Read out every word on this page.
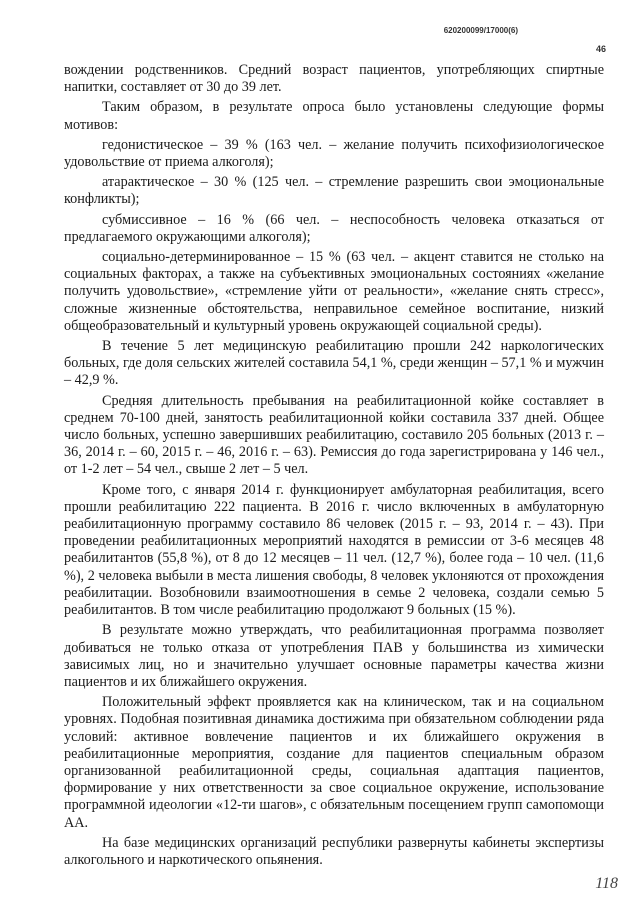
620200099/17000(6)
46

вождении родственников. Средний возраст пациентов, употребляющих спиртные напитки, составляет от 30 до 39 лет.

Таким образом, в результате опроса было установлены следующие формы мотивов:

гедонистическое – 39 % (163 чел. – желание получить психофизиологическое удовольствие от приема алкоголя);

атарактическое – 30 % (125 чел. – стремление разрешить свои эмоциональные конфликты);

субмиссивное – 16 % (66 чел. – неспособность человека отказаться от предлагаемого окружающими алкоголя);

социально-детерминированное – 15 % (63 чел. – акцент ставится не столько на социальных факторах, а также на субъективных эмоциональных состояниях «желание получить удовольствие», «стремление уйти от реальности», «желание снять стресс», сложные жизненные обстоятельства, неправильное семейное воспитание, низкий общеобразовательный и культурный уровень окружающей социальной среды).

В течение 5 лет медицинскую реабилитацию прошли 242 наркологических больных, где доля сельских жителей составила 54,1 %, среди женщин – 57,1 % и мужчин – 42,9 %.

Средняя длительность пребывания на реабилитационной койке составляет в среднем 70-100 дней, занятость реабилитационной койки составила 337 дней. Общее число больных, успешно завершивших реабилитацию, составило 205 больных (2013 г. – 36, 2014 г. – 60, 2015 г. – 46, 2016 г. – 63). Ремиссия до года зарегистрирована у 146 чел., от 1-2 лет – 54 чел., свыше 2 лет – 5 чел.

Кроме того, с января 2014 г. функционирует амбулаторная реабилитация, всего прошли реабилитацию 222 пациента. В 2016 г. число включенных в амбулаторную реабилитационную программу составило 86 человек (2015 г. – 93, 2014 г. – 43). При проведении реабилитационных мероприятий находятся в ремиссии от 3-6 месяцев 48 реабилитантов (55,8 %), от 8 до 12 месяцев – 11 чел. (12,7 %), более года – 10 чел. (11,6 %), 2 человека выбыли в места лишения свободы, 8 человек уклоняются от прохождения реабилитации. Возобновили взаимоотношения в семье 2 человека, создали семью 5 реабилитантов. В том числе реабилитацию продолжают 9 больных (15 %).

В результате можно утверждать, что реабилитационная программа позволяет добиваться не только отказа от употребления ПАВ у большинства из химически зависимых лиц, но и значительно улучшает основные параметры качества жизни пациентов и их ближайшего окружения.

Положительный эффект проявляется как на клиническом, так и на социальном уровнях. Подобная позитивная динамика достижима при обязательном соблюдении ряда условий: активное вовлечение пациентов и их ближайшего окружения в реабилитационные мероприятия, создание для пациентов специальным образом организованной реабилитационной среды, социальная адаптация пациентов, формирование у них ответственности за свое социальное окружение, использование программной идеологии «12-ти шагов», с обязательным посещением групп самопомощи АА.

На базе медицинских организаций республики развернуты кабинеты экспертизы алкогольного и наркотического опьянения.

118
